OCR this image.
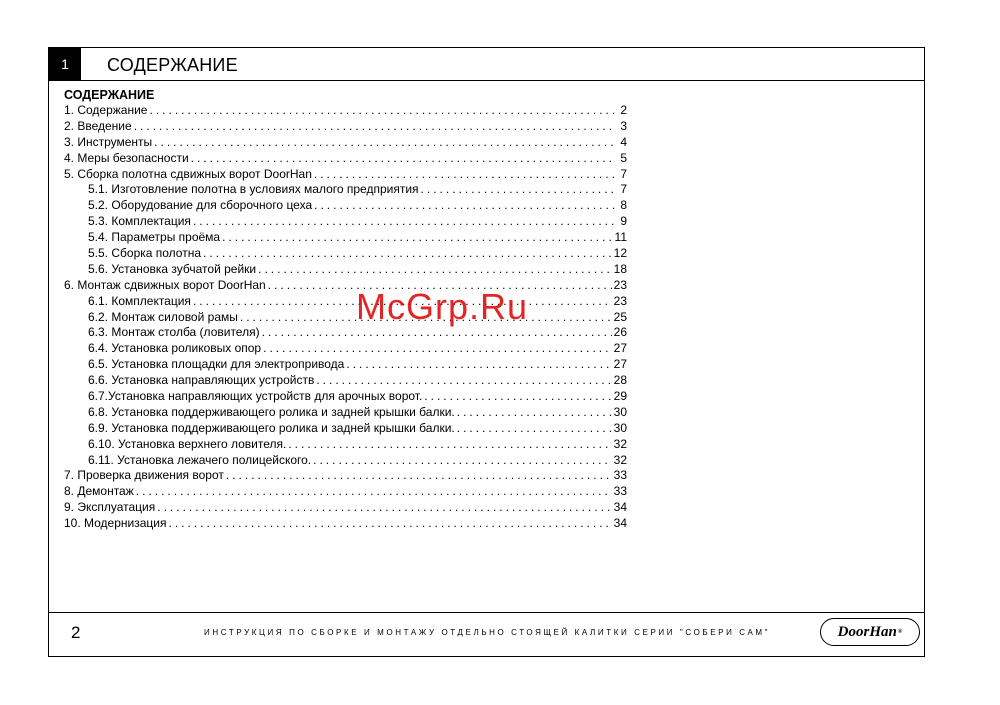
1	СОДЕРЖАНИЕ
СОДЕРЖАНИЕ
1. Содержание .....	2
2. Введение .....	3
3. Инструменты .....	4
4. Меры безопасности .....	5
5. Сборка полотна сдвижных ворот DoorHan .....	7
5.1. Изготовление полотна в условиях малого предприятия .....	7
5.2. Оборудование для сборочного цеха .....	8
5.3. Комплектация .....	9
5.4. Параметры проёма .....	11
5.5. Сборка полотна .....	12
5.6. Установка зубчатой рейки .....	18
6. Монтаж сдвижных ворот DoorHan .....	23
6.1. Комплектация .....	23
6.2. Монтаж силовой рамы .....	25
6.3. Монтаж столба (ловителя) .....	26
6.4. Установка роликовых опор .....	27
6.5. Установка площадки для электропривода .....	27
6.6. Установка направляющих устройств .....	28
6.7.Установка направляющих устройств для арочных ворот. .....	29
6.8. Установка поддерживающего ролика и задней крышки балки. .....	30
6.9. Установка поддерживающего ролика и задней крышки балки. .....	30
6.10. Установка верхнего ловителя. .....	32
6.11. Установка лежачего полицейского. .....	32
7. Проверка движения ворот .....	33
8. Демонтаж .....	33
9. Эксплуатация .....	34
10. Модернизация .....	34
2	ИНСТРУКЦИЯ ПО СБОРКЕ И МОНТАЖУ ОТДЕЛЬНО СТОЯЩЕЙ КАЛИТКИ СЕРИИ "СОБЕРИ САМ"	DoorHan ®
McGrp.Ru
